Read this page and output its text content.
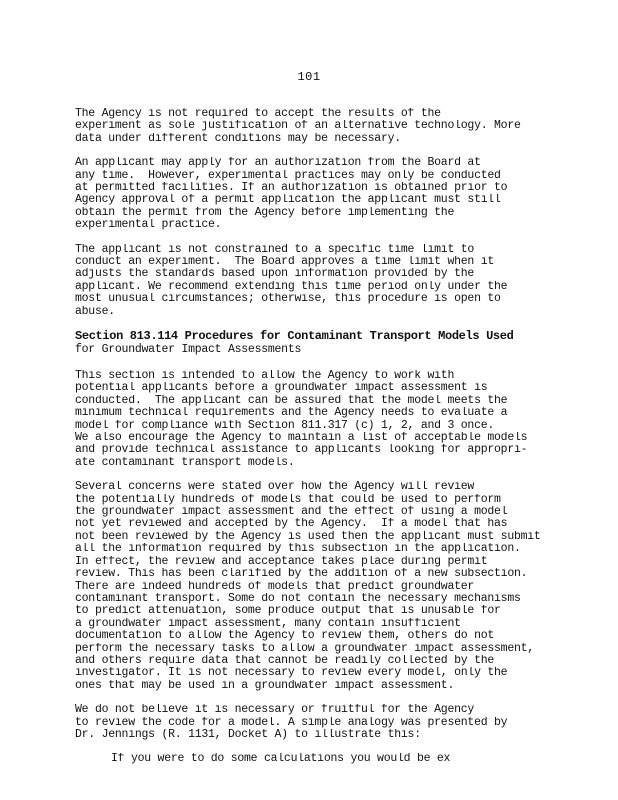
101
The Agency is not required to accept the results of the
experiment as sole justification of an alternative technology. More
data under different conditions may be necessary.
An applicant may apply for an authorization from the Board at
any time.  However, experimental practices may only be conducted
at permitted facilities. If an authorization is obtained prior to
Agency approval of a permit application the applicant must still
obtain the permit from the Agency before implementing the
experimental practice.
The applicant is not constrained to a specific time limit to
conduct an experiment.  The Board approves a time limit when it
adjusts the standards based upon information provided by the
applicant. We recommend extending this time period only under the
most unusual circumstances; otherwise, this procedure is open to
abuse.
Section 813.114 Procedures for Contaminant Transport Models Used
for Groundwater Impact Assessments
This section is intended to allow the Agency to work with
potential applicants before a groundwater impact assessment is
conducted.  The applicant can be assured that the model meets the
minimum technical requirements and the Agency needs to evaluate a
model for compliance with Section 811.317 (c) 1, 2, and 3 once.
We also encourage the Agency to maintain a list of acceptable models
and provide technical assistance to applicants looking for appropri-
ate contaminant transport models.
Several concerns were stated over how the Agency will review
the potentially hundreds of models that could be used to perform
the groundwater impact assessment and the effect of using a model
not yet reviewed and accepted by the Agency.  If a model that has
not been reviewed by the Agency is used then the applicant must submit
all the information required by this subsection in the application.
In effect, the review and acceptance takes place during permit
review. This has been clarified by the addition of a new subsection.
There are indeed hundreds of models that predict groundwater
contaminant transport. Some do not contain the necessary mechanisms
to predict attenuation, some produce output that is unusable for
a groundwater impact assessment, many contain insufficient
documentation to allow the Agency to review them, others do not
perform the necessary tasks to allow a groundwater impact assessment,
and others require data that cannot be readily collected by the
investigator. It is not necessary to review every model, only the
ones that may be used in a groundwater impact assessment.
We do not believe it is necessary or fruitful for the Agency
to review the code for a model. A simple analogy was presented by
Dr. Jennings (R. 1131, Docket A) to illustrate this:
If you were to do some calculations you would be ex
